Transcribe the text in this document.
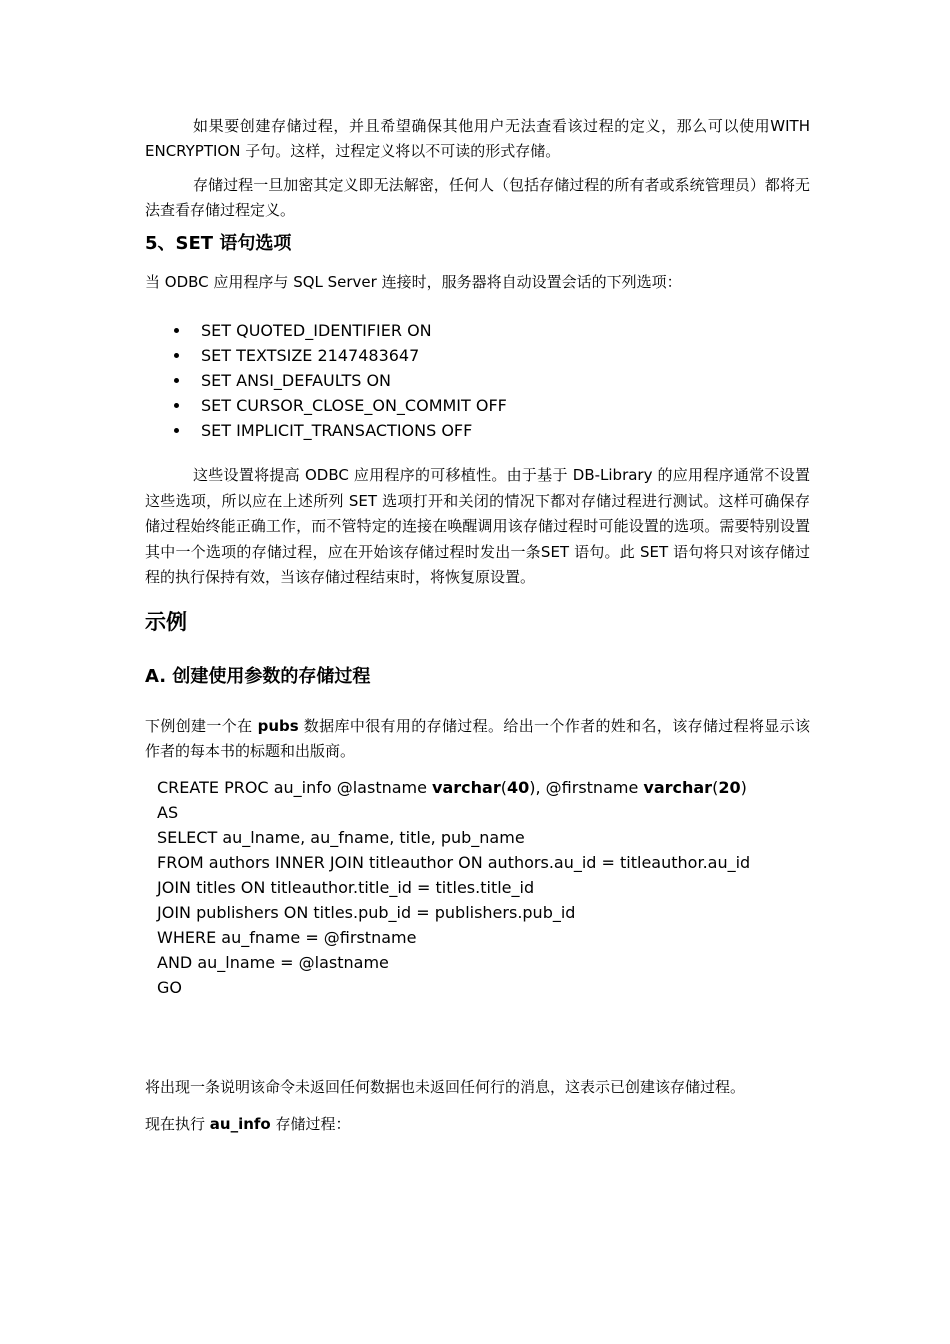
如果要创建存储过程，并且希望确保其他用户无法查看该过程的定义，那么可以使用WITH ENCRYPTION 子句。这样，过程定义将以不可读的形式存储。

存储过程一旦加密其定义即无法解密，任何人（包括存储过程的所有者或系统管理员）都将无法查看存储过程定义。

5、SET 语句选项

当 ODBC 应用程序与 SQL Server 连接时，服务器将自动设置会话的下列选项：

SET QUOTED_IDENTIFIER ON
SET TEXTSIZE 2147483647
SET ANSI_DEFAULTS ON
SET CURSOR_CLOSE_ON_COMMIT OFF
SET IMPLICIT_TRANSACTIONS OFF

这些设置将提高 ODBC 应用程序的可移植性。由于基于 DB-Library 的应用程序通常不设置这些选项，所以应在上述所列 SET 选项打开和关闭的情况下都对存储过程进行测试。这样可确保存储过程始终能正确工作，而不管特定的连接在唤醒调用该存储过程时可能设置的选项。需要特别设置其中一个选项的存储过程，应在开始该存储过程时发出一条SET 语句。此 SET 语句将只对该存储过程的执行保持有效，当该存储过程结束时，将恢复原设置。

示例
A. 创建使用参数的存储过程

下例创建一个在 pubs 数据库中很有用的存储过程。给出一个作者的姓和名，该存储过程将显示该作者的每本书的标题和出版商。

CREATE PROC au_info @lastname varchar(40), @firstname varchar(20)
AS
SELECT au_lname, au_fname, title, pub_name
FROM authors INNER JOIN titleauthor ON authors.au_id = titleauthor.au_id
JOIN titles ON titleauthor.title_id = titles.title_id
JOIN publishers ON titles.pub_id = publishers.pub_id
WHERE au_fname = @firstname
AND au_lname = @lastname
GO

将出现一条说明该命令未返回任何数据也未返回任何行的消息，这表示已创建该存储过程。

现在执行 au_info 存储过程：
